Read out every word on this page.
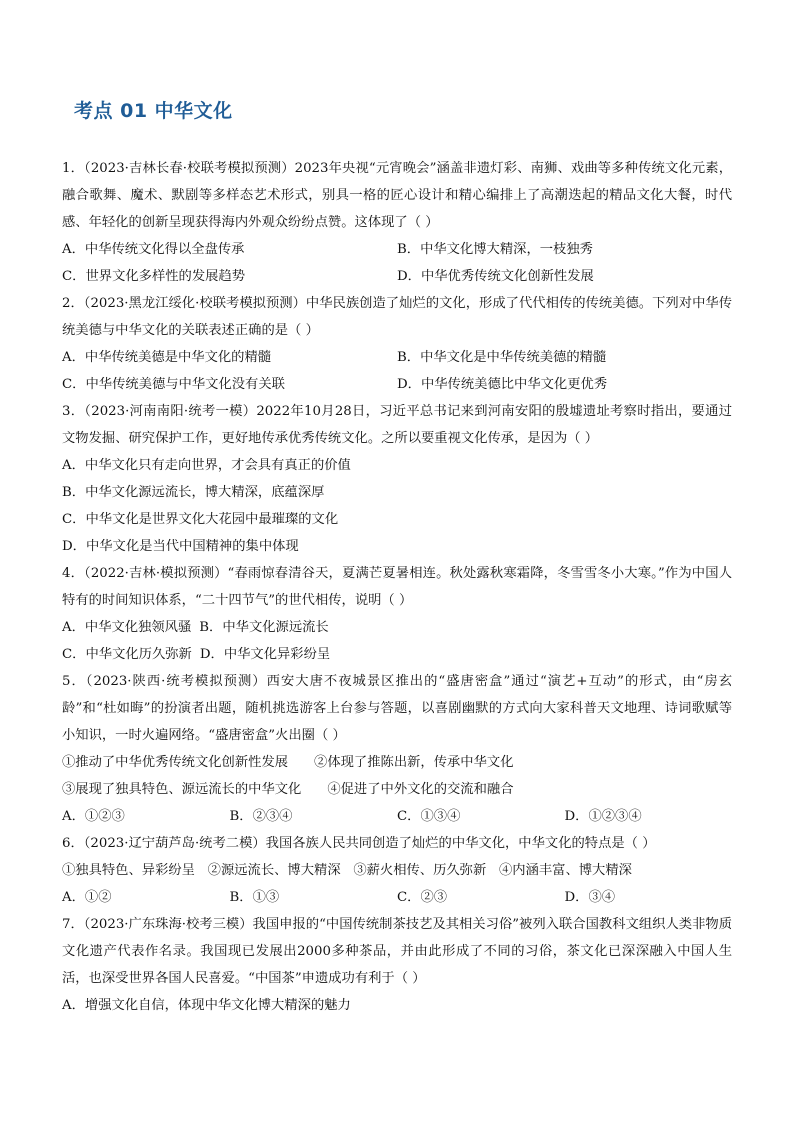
考点 01 中华文化
1．（2023·吉林长春·校联考模拟预测）2023年央视“元宵晚会”涵盖非遗灯彩、南狮、戏曲等多种传统文化元素，融合歌舞、魔术、默剧等多样态艺术形式，别具一格的匠心设计和精心编排上了高潮迭起的精品文化大餐，时代感、年轻化的创新呈现获得海内外观众纷纷点赞。这体现了（ ）
A．中华传统文化得以全盘传承	B．中华文化博大精深，一枝独秀
C．世界文化多样性的发展趋势	D．中华优秀传统文化创新性发展
2．（2023·黑龙江绥化·校联考模拟预测）中华民族创造了灿烂的文化，形成了代代相传的传统美德。下列对中华传统美德与中华文化的关联表述正确的是（ ）
A．中华传统美德是中华文化的精髓	B．中华文化是中华传统美德的精髓
C．中华传统美德与中华文化没有关联	D．中华传统美德比中华文化更优秀
3．（2023·河南南阳·统考一模）2022年10月28日，习近平总书记来到河南安阳的殷墟遗址考察时指出，要通过文物发掘、研究保护工作，更好地传承优秀传统文化。之所以要重视文化传承，是因为（ ）
A．中华文化只有走向世界，才会具有真正的价值
B．中华文化源远流长，博大精深，底蕴深厚
C．中华文化是世界文化大花园中最璀璨的文化
D．中华文化是当代中国精神的集中体现
4．（2022·吉林·模拟预测）“春雨惊春清谷天，夏满芒夏暑相连。秋处露秋寒霜降，冬雪雪冬小大寒。”作为中国人特有的时间知识体系，“二十四节气”的世代相传，说明（ ）
A．中华文化独领风骚 B．中华文化源远流长
C．中华文化历久弥新 D．中华文化异彩纷呈
5．（2023·陕西·统考模拟预测）西安大唐不夜城景区推出的“盛唐密盒”通过“演艺+互动”的形式，由“房玄龄”和“杜如晦”的扮演者出题，随机挑选游客上台参与答题，以喜剧幽默的方式向大家科普天文地理、诗词歌赋等小知识，一时火遍网络。“盛唐密盒”火出圈（ ）
①推动了中华优秀传统文化创新性发展 ②体现了推陈出新，传承中华文化
③展现了独具特色、源远流长的中华文化 ④促进了中外文化的交流和融合
A．①②③	B．②③④	C．①③④	D．①②③④
6．（2023·辽宁葫芦岛·统考二模）我国各族人民共同创造了灿烂的中华文化，中华文化的特点是（ ）
①独具特色、异彩纷呈 ②源远流长、博大精深 ③薪火相传、历久弥新 ④内涵丰富、博大精深
A．①②	B．①③	C．②③	D．③④
7．（2023·广东珠海·校考三模）我国申报的“中国传统制茶技艺及其相关习俗”被列入联合国教科文组织人类非物质文化遗产代表作名录。我国现已发展出2000多种茶品，并由此形成了不同的习俗，茶文化已深深融入中国人生活，也深受世界各国人民喜爱。“中国茶”申遗成功有利于（ ）
A．增强文化自信，体现中华文化博大精深的魅力
